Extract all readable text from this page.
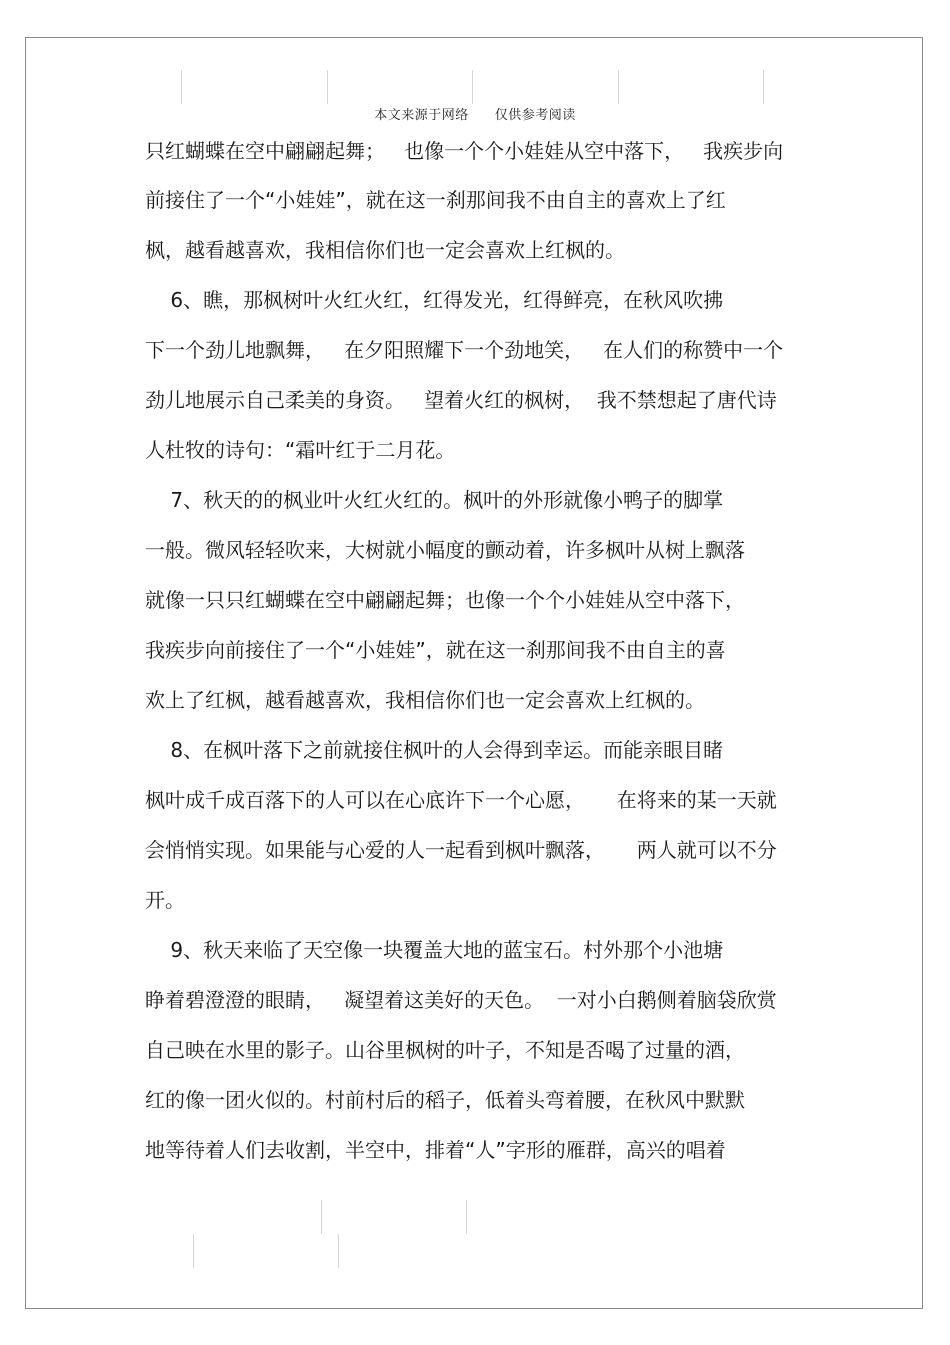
本文来源于网络 仅供参考阅读
只红蝴蝶在空中翩翩起舞；   也像一个个小娃娃从空中落下，   我疾步向
前接住了一个“小娃娃”，就在这一刹那间我不由自主的喜欢上了红
枫，越看越喜欢，我相信你们也一定会喜欢上红枫的。
6、瞧，那枫树叶火红火红，红得发光，红得鲜亮，在秋风吹拂
下一个劲儿地飘舞，   在夕阳照耀下一个劲地笑，   在人们的称赞中一个
劲儿地展示自己柔美的身资。   望着火红的枫树，  我不禁想起了唐代诗
人杜牧的诗句：“霜叶红于二月花。
7、秋天的的枫业叶火红火红的。枫叶的外形就像小鸭子的脚掌
一般。微风轻轻吹来，大树就小幅度的颤动着，许多枫叶从树上飘落
就像一只只红蝴蝶在空中翩翩起舞；也像一个个小娃娃从空中落下，
我疾步向前接住了一个“小娃娃”，就在这一刹那间我不由自主的喜
欢上了红枫，越看越喜欢，我相信你们也一定会喜欢上红枫的。
8、在枫叶落下之前就接住枫叶的人会得到幸运。而能亲眼目睹
枫叶成千成百落下的人可以在心底许下一个心愿，     在将来的某一天就
会悄悄实现。如果能与心爱的人一起看到枫叶飘落，     两人就可以不分
开。
9、秋天来临了天空像一块覆盖大地的蓝宝石。村外那个小池塘
睁着碧澄澄的眼睛，   凝望着这美好的天色。  一对小白鹅侧着脑袋欣赏
自己映在水里的影子。山谷里枫树的叶子，不知是否喝了过量的酒，
红的像一团火似的。村前村后的稻子，低着头弯着腰，在秋风中默默
地等待着人们去收割，半空中，排着“人”字形的雁群，高兴的唱着
